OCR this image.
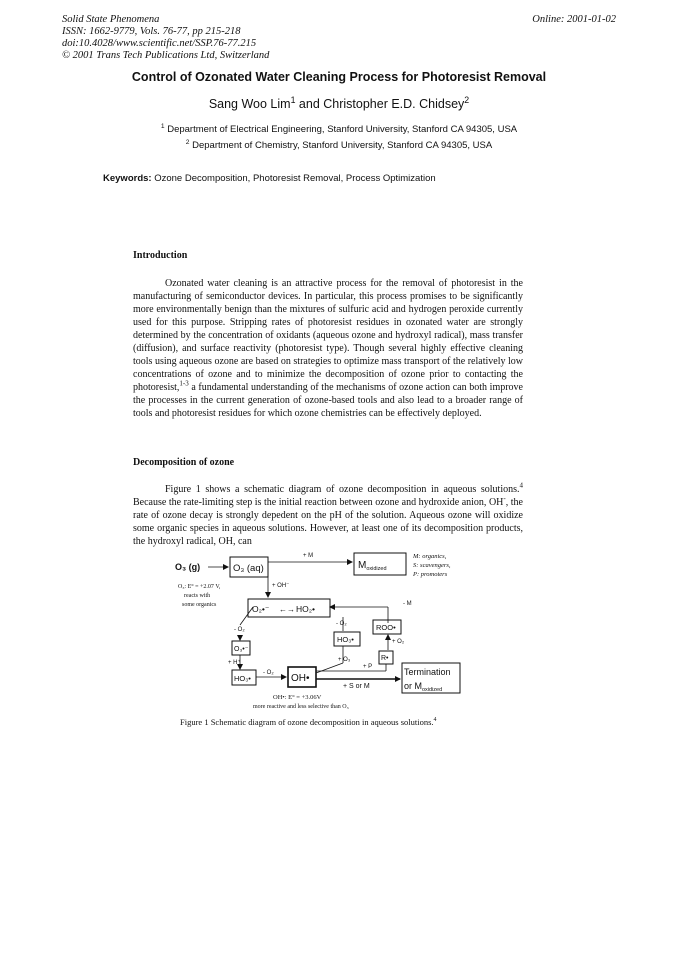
Solid State Phenomena
ISSN: 1662-9779, Vols. 76-77, pp 215-218
doi:10.4028/www.scientific.net/SSP.76-77.215
© 2001 Trans Tech Publications Ltd, Switzerland
Online: 2001-01-02
Control of Ozonated Water Cleaning Process for Photoresist Removal
Sang Woo Lim$^1$ and Christopher E.D. Chidsey$^2$
$^1$ Department of Electrical Engineering, Stanford University, Stanford CA 94305, USA
$^2$ Department of Chemistry, Stanford University, Stanford CA 94305, USA
Keywords: Ozone Decomposition, Photoresist Removal, Process Optimization
Introduction

Ozonated water cleaning is an attractive process for the removal of photoresist in the manufacturing of semiconductor devices. In particular, this process promises to be significantly more environmentally benign than the mixtures of sulfuric acid and hydrogen peroxide currently used for this purpose. Stripping rates of photoresist residues in ozonated water are strongly determined by the concentration of oxidants (aqueous ozone and hydroxyl radical), mass transfer (diffusion), and surface reactivity (photoresist type). Though several highly effective cleaning tools using aqueous ozone are based on strategies to optimize mass transport of the relatively low concentrations of ozone and to minimize the decomposition of ozone prior to contacting the photoresist,$^{1-3}$ a fundamental understanding of the mechanisms of ozone action can both improve the processes in the current generation of ozone-based tools and also lead to a broader range of tools and photoresist residues for which ozone chemistries can be effectively deployed.

Decomposition of ozone

Figure 1 shows a schematic diagram of ozone decomposition in aqueous solutions.$^4$ Because the rate-limiting step is the initial reaction between ozone and hydroxide anion, OH-, the rate of ozone decay is strongly depedent on the pH of the solution. Aqueous ozone will oxidize some organic species in aqueous solutions. However, at least one of its decomposition products, the hydroxyl radical, OH, can

O₃ (g)	O₃ (aq)
+ M
$M_{oxidized}$
M: organics,
S: scavengers,
P: promoters
O₃: E° = +2.07 V,
reacts with
some organics
+ OH⁻
O₂•⁻ ←→ HO₂•	- M
- O₂
O₃•⁻
+ H⁺
HO₃•
- O₂ OH•
- O₂
HO₃•
+ O₃
ROO•
+ O₂
R•
+ P
+ S or M
Termination
or $M_{oxidized}$
OH•: E° = +3.06V
more reactive and less selective than O₃
Figure 1 Schematic diagram of ozone decomposition in aqueous solutions.$^4$
